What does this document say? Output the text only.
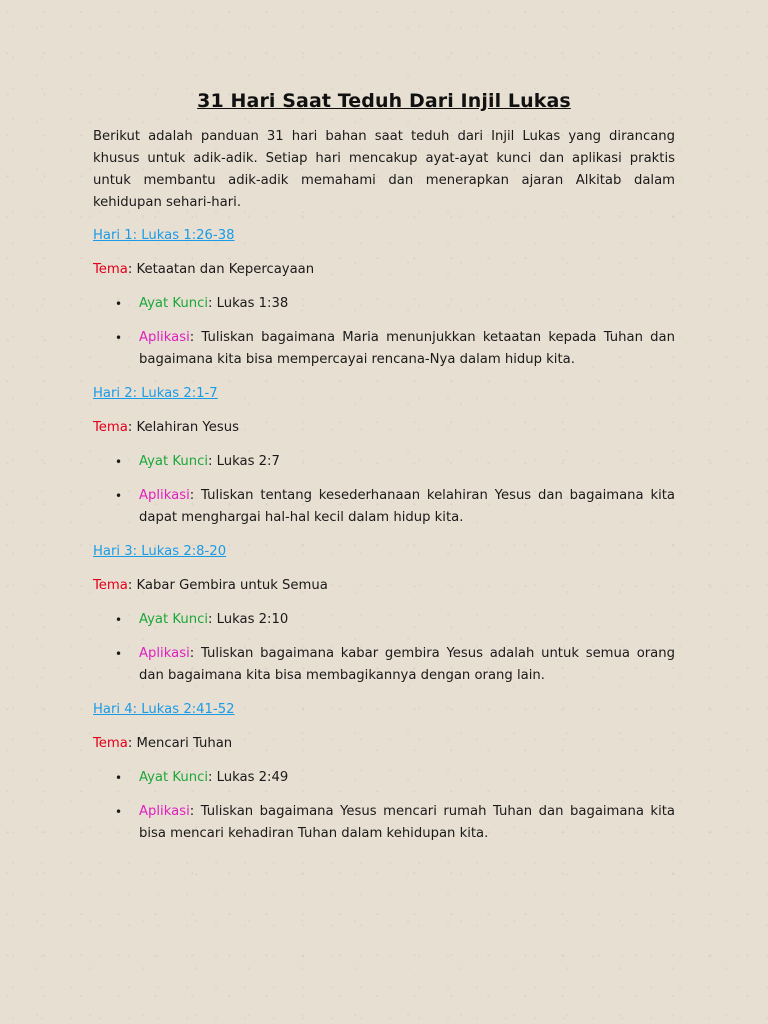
31 Hari Saat Teduh Dari Injil Lukas

Berikut adalah panduan 31 hari bahan saat teduh dari Injil Lukas yang dirancang khusus untuk adik-adik. Setiap hari mencakup ayat-ayat kunci dan aplikasi praktis untuk membantu adik-adik memahami dan menerapkan ajaran Alkitab dalam kehidupan sehari-hari.

Hari 1: Lukas 1:26-38

Tema: Ketaatan dan Kepercayaan

• Ayat Kunci: Lukas 1:38
• Aplikasi: Tuliskan bagaimana Maria menunjukkan ketaatan kepada Tuhan dan bagaimana kita bisa mempercayai rencana-Nya dalam hidup kita.
Hari 2: Lukas 2:1-7

Tema: Kelahiran Yesus

• Ayat Kunci: Lukas 2:7
• Aplikasi: Tuliskan tentang kesederhanaan kelahiran Yesus dan bagaimana kita dapat menghargai hal-hal kecil dalam hidup kita.
Hari 3: Lukas 2:8-20

Tema: Kabar Gembira untuk Semua

• Ayat Kunci: Lukas 2:10
• Aplikasi: Tuliskan bagaimana kabar gembira Yesus adalah untuk semua orang dan bagaimana kita bisa membagikannya dengan orang lain.
Hari 4: Lukas 2:41-52

Tema: Mencari Tuhan

• Ayat Kunci: Lukas 2:49
• Aplikasi: Tuliskan bagaimana Yesus mencari rumah Tuhan dan bagaimana kita bisa mencari kehadiran Tuhan dalam kehidupan kita.
